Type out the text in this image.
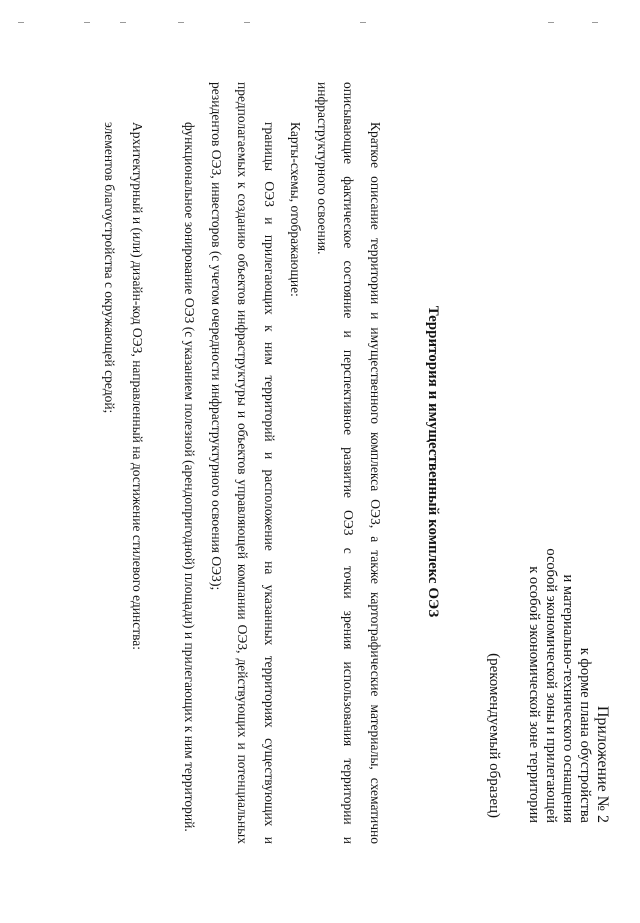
Приложение № 2
к форме плана обустройства
и материально-технического оснащения
особой экономической зоны и прилегающей
к особой экономической зоне территории
(рекомендуемый образец)
Территория и имущественный комплекс ОЭЗ

Краткое описание территории и имущественного комплекса ОЭЗ, а также картографические материалы, схематично описывающие фактическое состояние и перспективное развитие ОЭЗ с точки зрения использования территории и инфраструктурного освоения.

Карты-схемы, отображающие:

границы ОЭЗ и прилегающих к ним территорий и расположение на указанных территориях существующих и предполагаемых к созданию объектов инфраструктуры и объектов управляющей компании ОЭЗ, действующих и потенциальных резидентов ОЭЗ, инвесторов (с учетом очередности инфраструктурного освоения ОЭЗ);

функциональное зонирование ОЭЗ (с указанием полезной (арендопригодной) площади) и прилегающих к ним территорий.

Архитектурный и (или) дизайн-код ОЭЗ, направленный на достижение стилевого единства:

элементов благоустройства с окружающей средой;
